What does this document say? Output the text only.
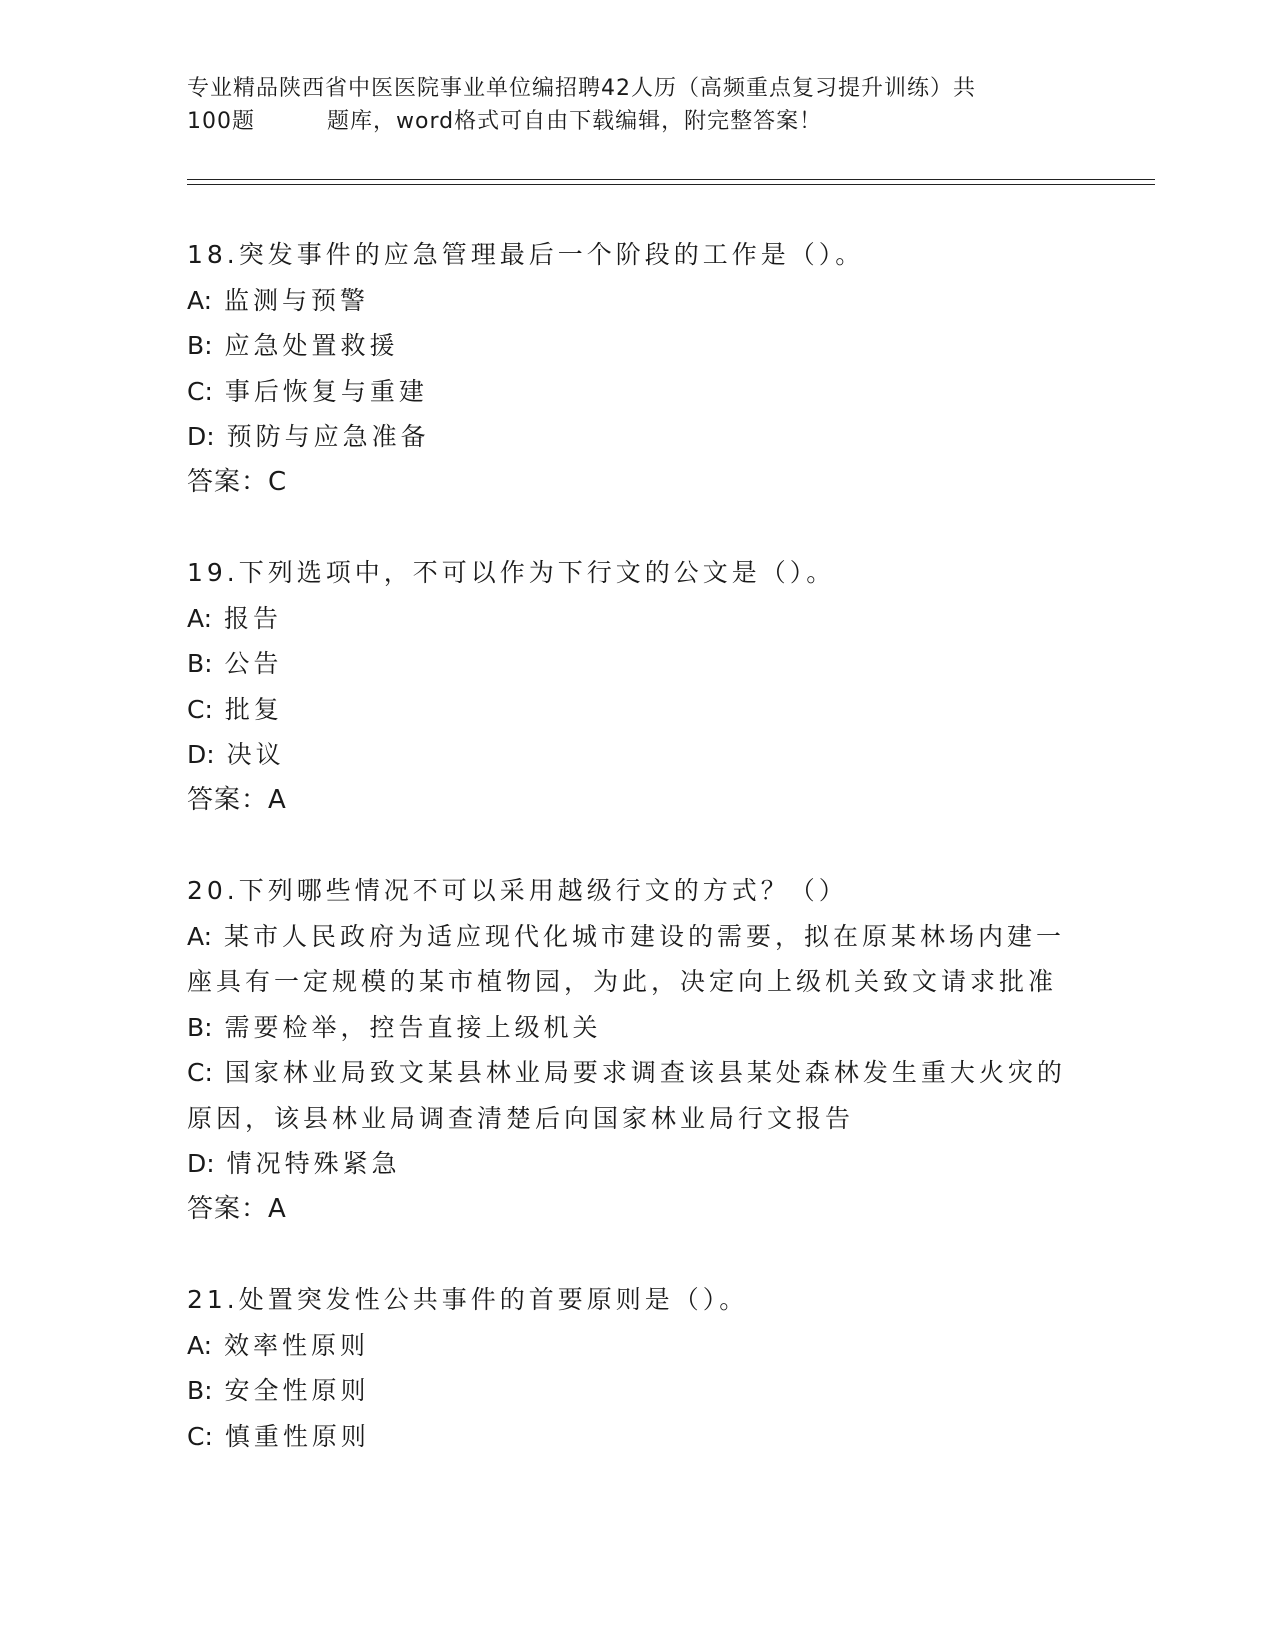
专业精品陕西省中医医院事业单位编招聘42人历（高频重点复习提升训练）共
100题	题库，word格式可自由下载编辑，附完整答案！
18.突发事件的应急管理最后一个阶段的工作是（）。
A: 监测与预警
B: 应急处置救援
C: 事后恢复与重建
D: 预防与应急准备
答案：C
19.下列选项中，不可以作为下行文的公文是（）。
A: 报告
B: 公告
C: 批复
D: 决议
答案：A
20.下列哪些情况不可以采用越级行文的方式？（）
A: 某市人民政府为适应现代化城市建设的需要，拟在原某林场内建一
座具有一定规模的某市植物园，为此，决定向上级机关致文请求批准
B: 需要检举，控告直接上级机关
C: 国家林业局致文某县林业局要求调查该县某处森林发生重大火灾的
原因，该县林业局调查清楚后向国家林业局行文报告
D: 情况特殊紧急
答案：A
21.处置突发性公共事件的首要原则是（）。
A: 效率性原则
B: 安全性原则
C: 慎重性原则
